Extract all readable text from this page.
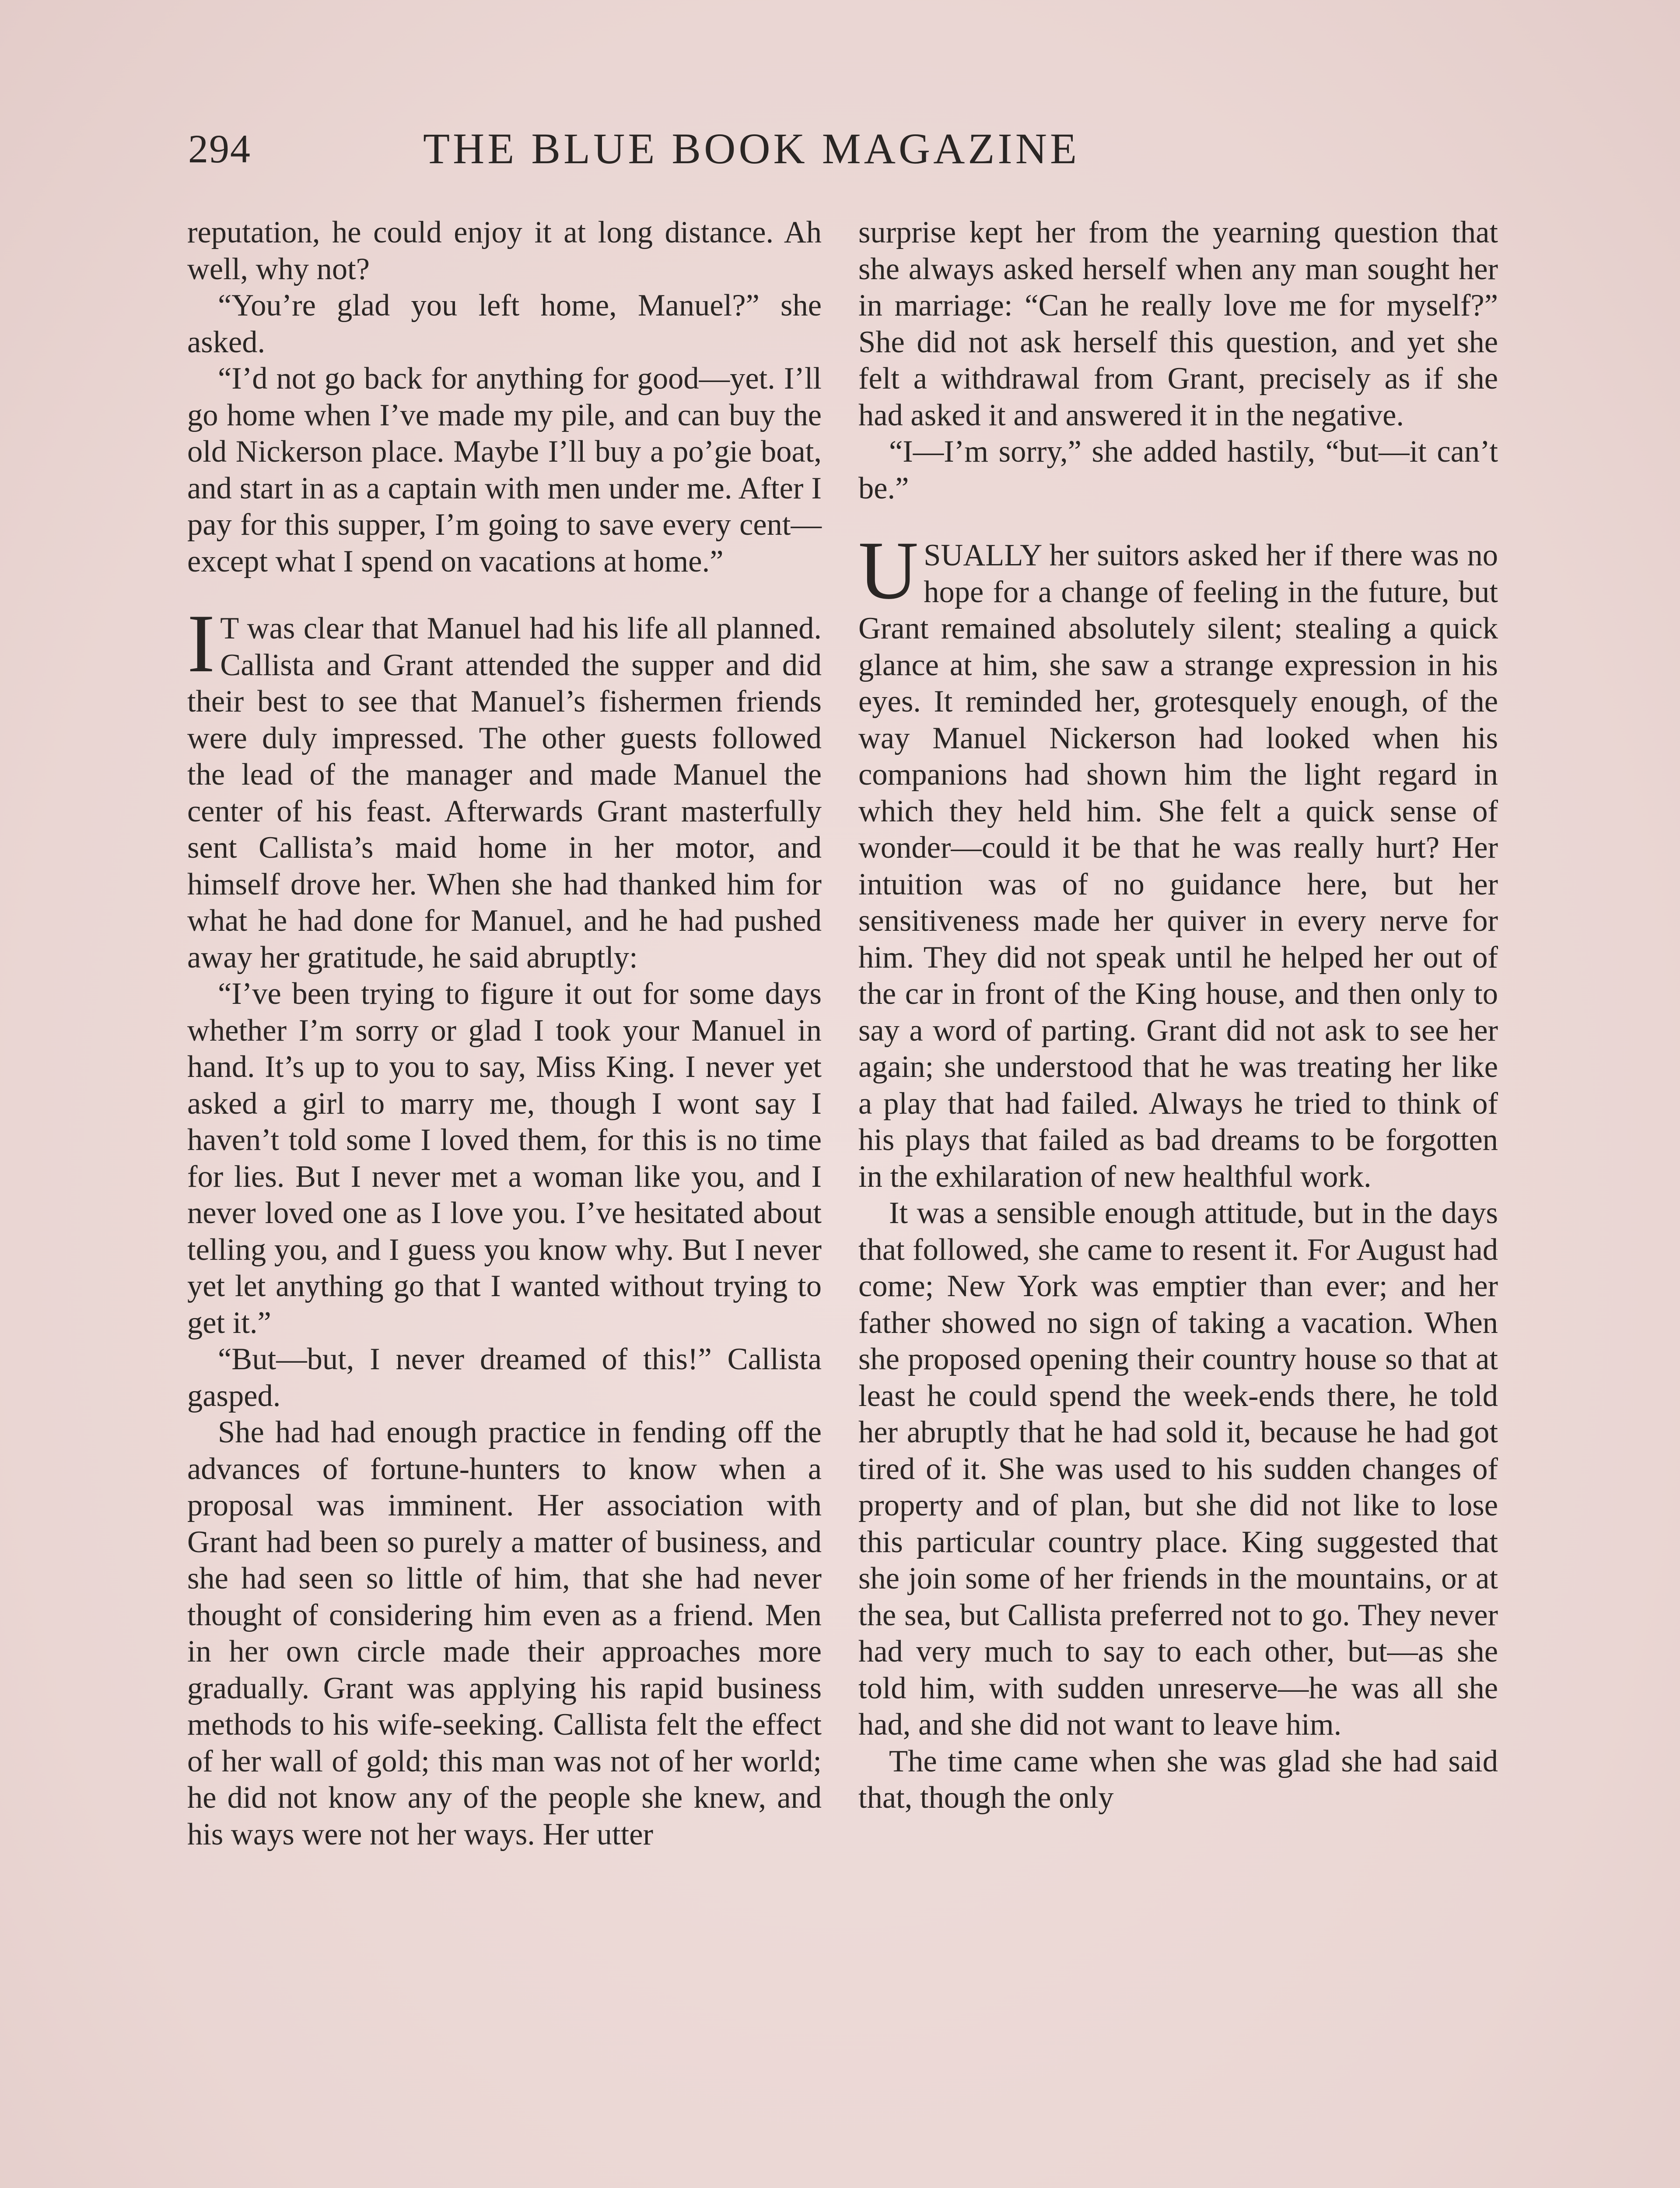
294	THE BLUE BOOK MAGAZINE

reputation, he could enjoy it at long distance. Ah well, why not?

“You’re glad you left home, Manuel?” she asked.

“I’d not go back for anything for good—yet. I’ll go home when I’ve made my pile, and can buy the old Nickerson place. Maybe I’ll buy a po’gie boat, and start in as a captain with men under me. After I pay for this supper, I’m going to save every cent—except what I spend on vacations at home.”

I T was clear that Manuel had his life all planned. Callista and Grant attended the supper and did their best to see that Manuel’s fishermen friends were duly impressed. The other guests followed the lead of the manager and made Manuel the center of his feast. Afterwards Grant masterfully sent Callista’s maid home in her motor, and himself drove her. When she had thanked him for what he had done for Manuel, and he had pushed away her gratitude, he said abruptly:

“I’ve been trying to figure it out for some days whether I’m sorry or glad I took your Manuel in hand. It’s up to you to say, Miss King. I never yet asked a girl to marry me, though I wont say I haven’t told some I loved them, for this is no time for lies. But I never met a woman like you, and I never loved one as I love you. I’ve hesitated about telling you, and I guess you know why. But I never yet let anything go that I wanted without trying to get it.”

“But—but, I never dreamed of this!” Callista gasped.

She had had enough practice in fending off the advances of fortune-hunters to know when a proposal was imminent. Her association with Grant had been so purely a matter of business, and she had seen so little of him, that she had never thought of considering him even as a friend. Men in her own circle made their approaches more gradually. Grant was applying his rapid business methods to his wife-seeking. Callista felt the effect of her wall of gold; this man was not of her world; he did not know any of the people she knew, and his ways were not her ways. Her utter

surprise kept her from the yearning question that she always asked herself when any man sought her in marriage: “Can he really love me for myself?” She did not ask herself this question, and yet she felt a withdrawal from Grant, precisely as if she had asked it and answered it in the negative.

“I—I’m sorry,” she added hastily, “but—it can’t be.”

USUALLY her suitors asked her if there was no hope for a change of feeling in the future, but Grant remained absolutely silent; stealing a quick glance at him, she saw a strange expression in his eyes. It reminded her, grotesquely enough, of the way Manuel Nickerson had looked when his companions had shown him the light regard in which they held him. She felt a quick sense of wonder—could it be that he was really hurt? Her intuition was of no guidance here, but her sensitiveness made her quiver in every nerve for him. They did not speak until he helped her out of the car in front of the King house, and then only to say a word of parting. Grant did not ask to see her again; she understood that he was treating her like a play that had failed. Always he tried to think of his plays that failed as bad dreams to be forgotten in the exhilaration of new healthful work.

It was a sensible enough attitude, but in the days that followed, she came to resent it. For August had come; New York was emptier than ever; and her father showed no sign of taking a vacation. When she proposed opening their country house so that at least he could spend the week-ends there, he told her abruptly that he had sold it, because he had got tired of it. She was used to his sudden changes of property and of plan, but she did not like to lose this particular country place. King suggested that she join some of her friends in the mountains, or at the sea, but Callista preferred not to go. They never had very much to say to each other, but—as she told him, with sudden unreserve—he was all she had, and she did not want to leave him.

The time came when she was glad she had said that, though the only
